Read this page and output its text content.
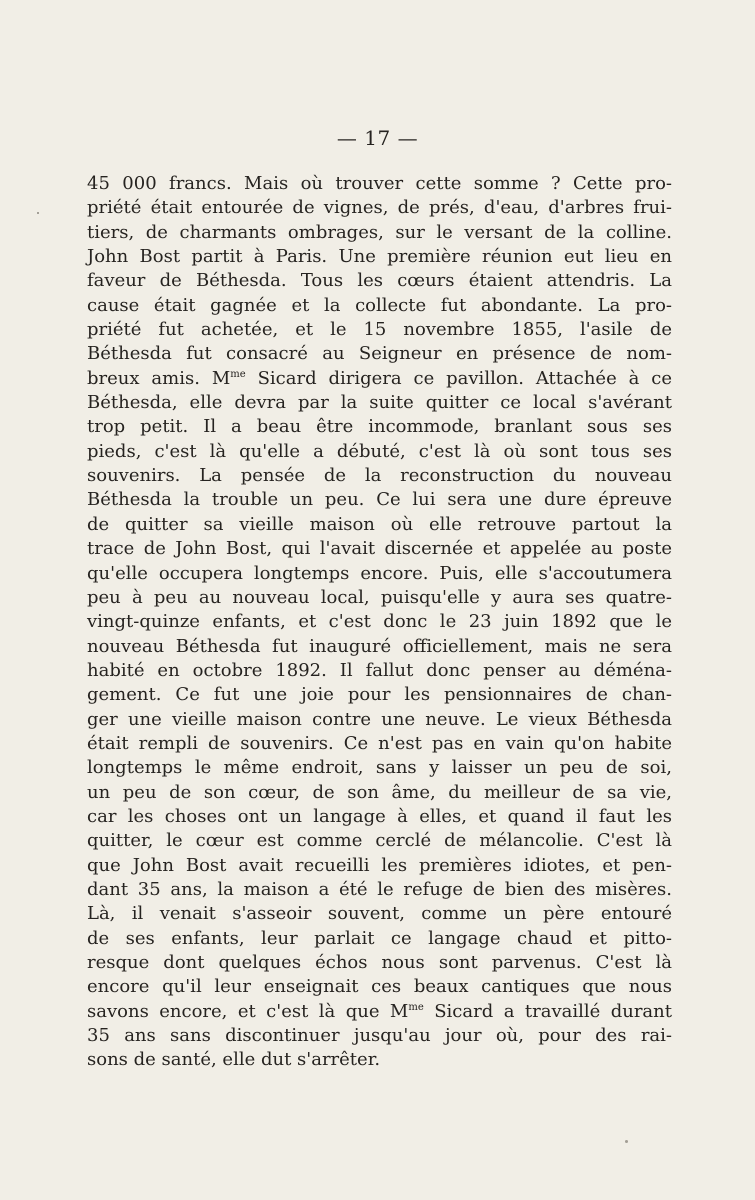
— 17 —
45 000 francs. Mais où trouver cette somme ? Cette pro-
priété était entourée de vignes, de prés, d'eau, d'arbres frui-
tiers, de charmants ombrages, sur le versant de la colline.
John Bost partit à Paris. Une première réunion eut lieu en
faveur de Béthesda. Tous les cœurs étaient attendris. La
cause était gagnée et la collecte fut abondante. La pro-
priété fut achetée, et le 15 novembre 1855, l'asile de
Béthesda fut consacré au Seigneur en présence de nom-
breux amis. $M^{me}$ Sicard dirigera ce pavillon. Attachée à ce
Béthesda, elle devra par la suite quitter ce local s'avérant
trop petit. Il a beau être incommode, branlant sous ses
pieds, c'est là qu'elle a débuté, c'est là où sont tous ses
souvenirs. La pensée de la reconstruction du nouveau
Béthesda la trouble un peu. Ce lui sera une dure épreuve
de quitter sa vieille maison où elle retrouve partout la
trace de John Bost, qui l'avait discernée et appelée au poste
qu'elle occupera longtemps encore. Puis, elle s'accoutumera
peu à peu au nouveau local, puisqu'elle y aura ses quatre-
vingt-quinze enfants, et c'est donc le 23 juin 1892 que le
nouveau Béthesda fut inauguré officiellement, mais ne sera
habité en octobre 1892. Il fallut donc penser au déména-
gement. Ce fut une joie pour les pensionnaires de chan-
ger une vieille maison contre une neuve. Le vieux Béthesda
était rempli de souvenirs. Ce n'est pas en vain qu'on habite
longtemps le même endroit, sans y laisser un peu de soi,
un peu de son cœur, de son âme, du meilleur de sa vie,
car les choses ont un langage à elles, et quand il faut les
quitter, le cœur est comme cerclé de mélancolie. C'est là
que John Bost avait recueilli les premières idiotes, et pen-
dant 35 ans, la maison a été le refuge de bien des misères.
Là, il venait s'asseoir souvent, comme un père entouré
de ses enfants, leur parlait ce langage chaud et pitto-
resque dont quelques échos nous sont parvenus. C'est là
encore qu'il leur enseignait ces beaux cantiques que nous
savons encore, et c'est là que $M^{me}$ Sicard a travaillé durant
35 ans sans discontinuer jusqu'au jour où, pour des rai-
sons de santé, elle dut s'arrêter.
